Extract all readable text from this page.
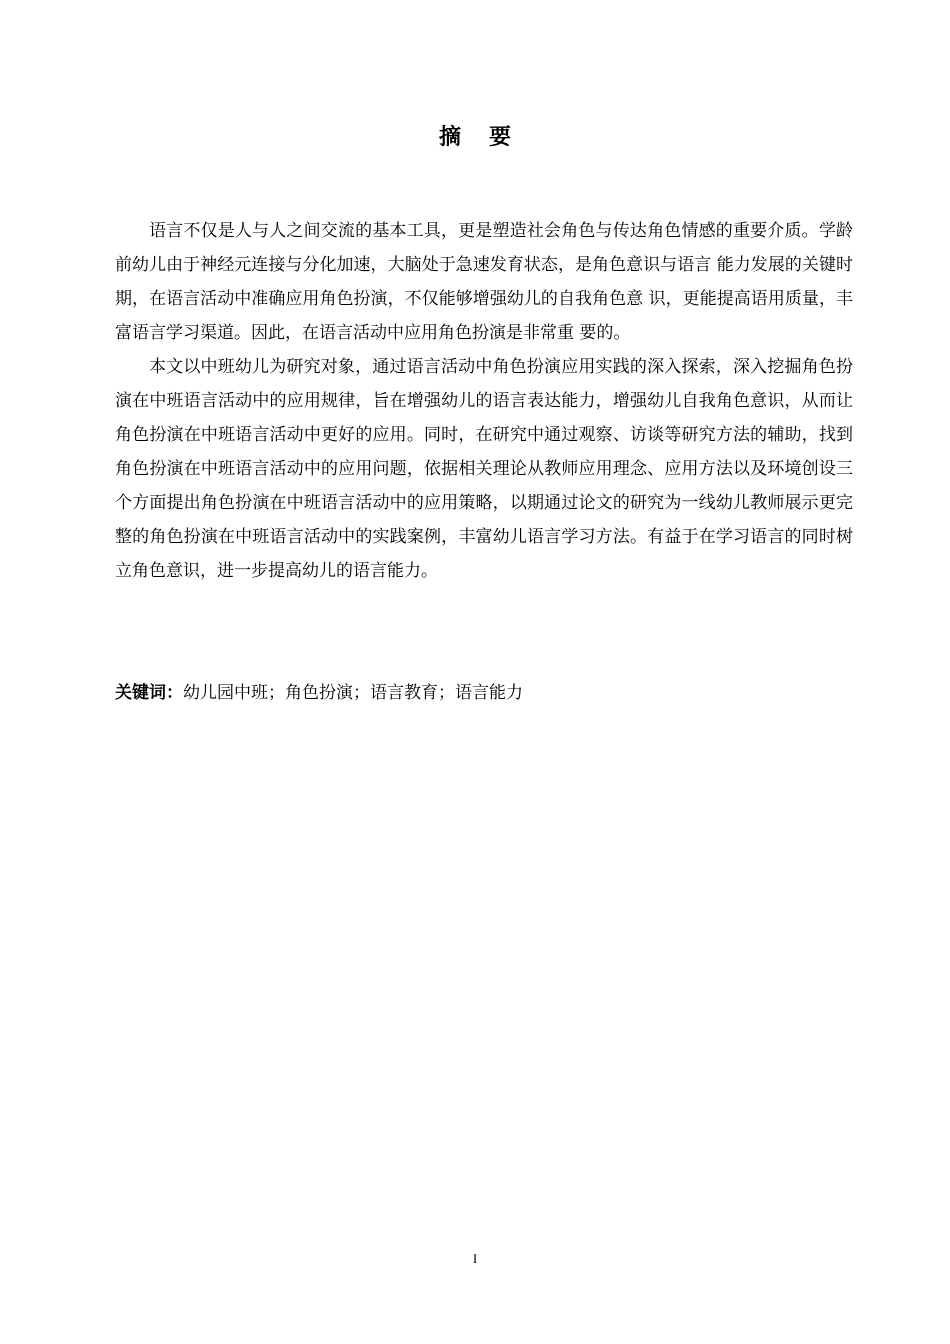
摘要

语言不仅是人与人之间交流的基本工具，更是塑造社会角色与传达角色情感的重要介质。学龄前幼儿由于神经元连接与分化加速，大脑处于急速发育状态，是角色意识与语言 能力发展的关键时期，在语言活动中准确应用角色扮演，不仅能够增强幼儿的自我角色意 识，更能提高语用质量，丰富语言学习渠道。因此，在语言活动中应用角色扮演是非常重 要的。

本文以中班幼儿为研究对象，通过语言活动中角色扮演应用实践的深入探索，深入挖掘角色扮演在中班语言活动中的应用规律，旨在增强幼儿的语言表达能力，增强幼儿自我角色意识，从而让角色扮演在中班语言活动中更好的应用。同时，在研究中通过观察、访谈等研究方法的辅助，找到角色扮演在中班语言活动中的应用问题，依据相关理论从教师应用理念、应用方法以及环境创设三个方面提出角色扮演在中班语言活动中的应用策略，以期通过论文的研究为一线幼儿教师展示更完整的角色扮演在中班语言活动中的实践案例，丰富幼儿语言学习方法。有益于在学习语言的同时树立角色意识，进一步提高幼儿的语言能力。

关键词：幼儿园中班；角色扮演；语言教育；语言能力
I
